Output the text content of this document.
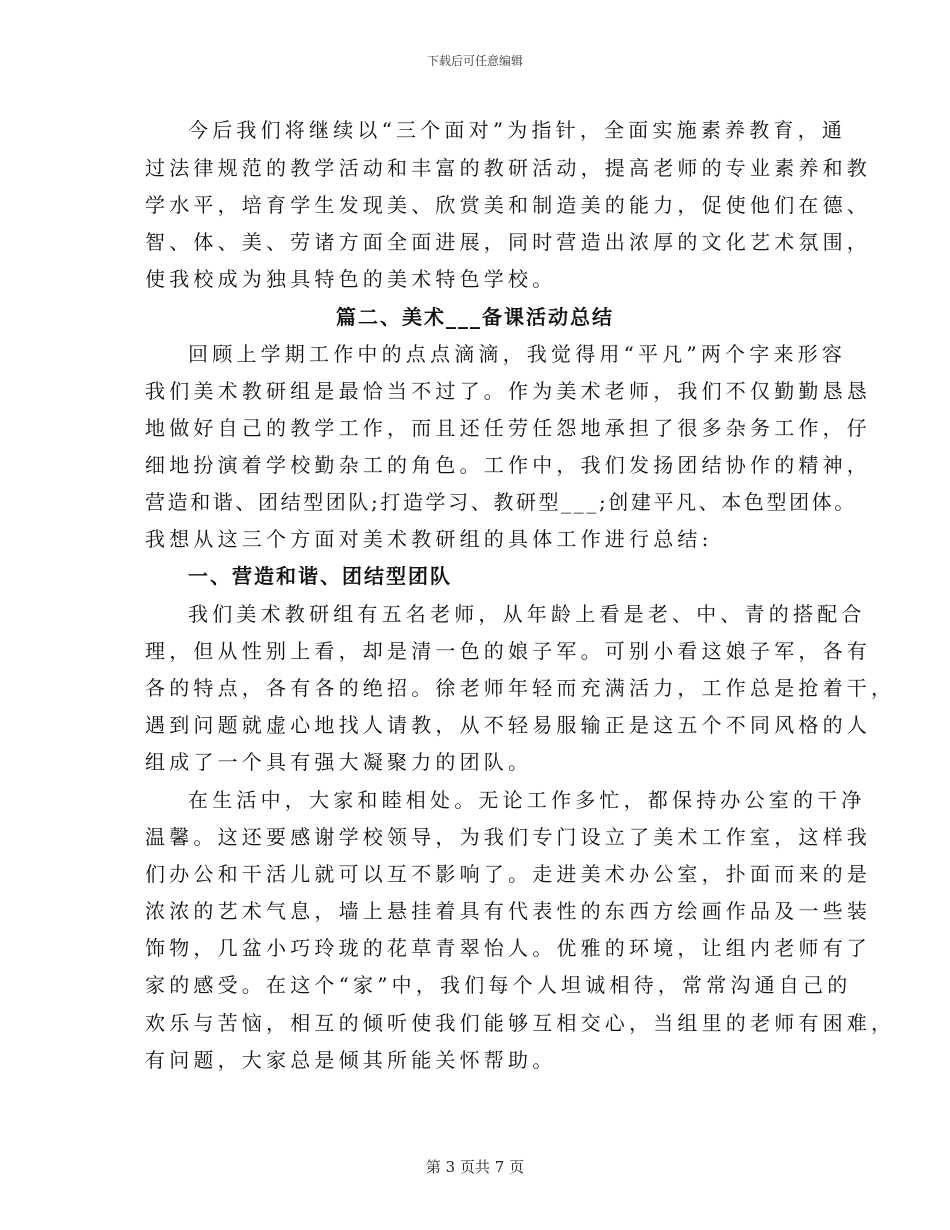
下载后可任意编辑
今后我们将继续以“三个面对”为指针，全面实施素养教育，通
过法律规范的教学活动和丰富的教研活动，提高老师的专业素养和教
学水平，培育学生发现美、欣赏美和制造美的能力，促使他们在德、
智、体、美、劳诸方面全面进展，同时营造出浓厚的文化艺术氛围，
使我校成为独具特色的美术特色学校。
篇二、美术___备课活动总结
回顾上学期工作中的点点滴滴，我觉得用“平凡”两个字来形容
我们美术教研组是最恰当不过了。作为美术老师，我们不仅勤勤恳恳
地做好自己的教学工作，而且还任劳任怨地承担了很多杂务工作，仔
细地扮演着学校勤杂工的角色。工作中，我们发扬团结协作的精神，
营造和谐、团结型团队;打造学习、教研型___;创建平凡、本色型团体。
我想从这三个方面对美术教研组的具体工作进行总结:
一、营造和谐、团结型团队
我们美术教研组有五名老师，从年龄上看是老、中、青的搭配合
理，但从性别上看，却是清一色的娘子军。可别小看这娘子军，各有
各的特点，各有各的绝招。徐老师年轻而充满活力，工作总是抢着干，
遇到问题就虚心地找人请教，从不轻易服输正是这五个不同风格的人
组成了一个具有强大凝聚力的团队。
在生活中，大家和睦相处。无论工作多忙，都保持办公室的干净
温馨。这还要感谢学校领导，为我们专门设立了美术工作室，这样我
们办公和干活儿就可以互不影响了。走进美术办公室，扑面而来的是
浓浓的艺术气息，墙上悬挂着具有代表性的东西方绘画作品及一些装
饰物，几盆小巧玲珑的花草青翠怡人。优雅的环境，让组内老师有了
家的感受。在这个“家”中，我们每个人坦诚相待，常常沟通自己的
欢乐与苦恼，相互的倾听使我们能够互相交心，当组里的老师有困难，
有问题，大家总是倾其所能关怀帮助。
第 3 页共 7 页
